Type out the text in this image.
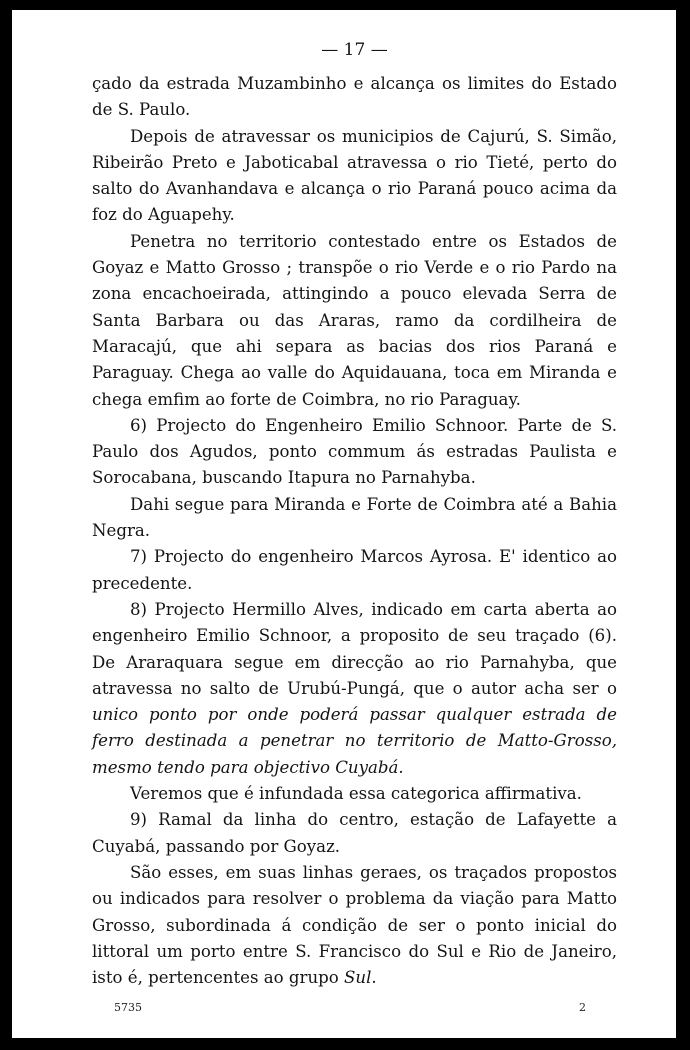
— 17 —

çado da estrada Muzambinho e alcança os limites do Estado de S. Paulo.

Depois de atravessar os municipios de Cajurú, S. Simão, Ribeirão Preto e Jaboticabal atravessa o rio Tieté, perto do salto do Avanhandava e alcança o rio Paraná pouco acima da foz do Aguapehy.

Penetra no territorio contestado entre os Estados de Goyaz e Matto Grosso ; transpõe o rio Verde e o rio Pardo na zona encachoeirada, attingindo a pouco elevada Serra de Santa Barbara ou das Araras, ramo da cordilheira de Maracajú, que ahi separa as bacias dos rios Paraná e Paraguay. Chega ao valle do Aquidauana, toca em Miranda e chega emfim ao forte de Coimbra, no rio Paraguay.

6) Projecto do Engenheiro Emilio Schnoor. Parte de S. Paulo dos Agudos, ponto commum ás estradas Paulista e Sorocabana, buscando Itapura no Parnahyba.

Dahi segue para Miranda e Forte de Coimbra até a Bahia Negra.

7) Projecto do engenheiro Marcos Ayrosa. E' identico ao precedente.

8) Projecto Hermillo Alves, indicado em carta aberta ao engenheiro Emilio Schnoor, a proposito de seu traçado (6). De Araraquara segue em direcção ao rio Parnahyba, que atravessa no salto de Urubú-Pungá, que o autor acha ser o unico ponto por onde poderá passar qualquer estrada de ferro destinada a penetrar no territorio de Matto-Grosso, mesmo tendo para objectivo Cuyabá.

Veremos que é infundada essa categorica affirmativa.

9) Ramal da linha do centro, estação de Lafayette a Cuyabá, passando por Goyaz.

São esses, em suas linhas geraes, os traçados propostos ou indicados para resolver o problema da viação para Matto Grosso, subordinada á condição de ser o ponto inicial do littoral um porto entre S. Francisco do Sul e Rio de Janeiro, isto é, pertencentes ao grupo Sul.

5735	2
